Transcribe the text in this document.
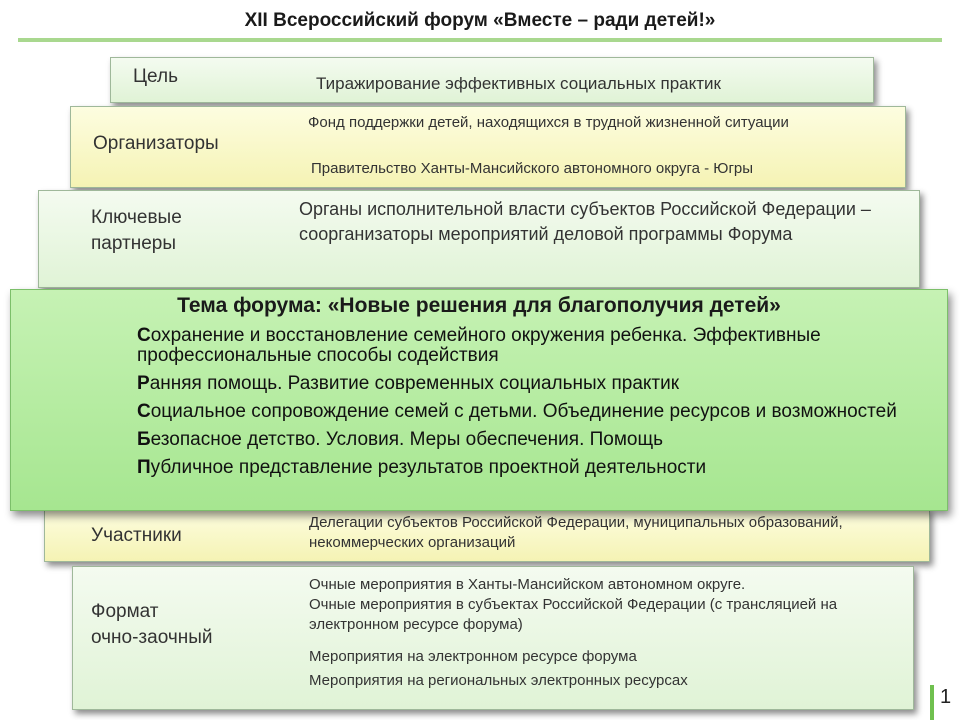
XII Всероссийский форум «Вместе – ради детей!»
Цель	Тиражирование эффективных социальных практик
Организаторы
Фонд поддержки детей, находящихся в трудной жизненной ситуации
Правительство Ханты-Мансийского автономного округа - Югры
Ключевые
партнеры
Органы исполнительной власти субъектов Российской Федерации – соорганизаторы мероприятий деловой программы Форума
Участники
Делегации субъектов Российской Федерации, муниципальных образований, некоммерческих организаций
Формат
очно-заочный
Очные мероприятия в Ханты-Мансийском автономном округе.
Очные мероприятия в субъектах Российской Федерации (с трансляцией на электронном ресурсе форума)
Мероприятия на электронном ресурсе форума
Мероприятия на региональных электронных ресурсах
Тема форума: «Новые решения для благополучия детей»
Сохранение и восстановление семейного окружения ребенка. Эффективные профессиональные способы содействия
Ранняя помощь. Развитие современных социальных практик
Социальное сопровождение семей с детьми. Объединение ресурсов и возможностей
Безопасное детство. Условия. Меры обеспечения. Помощь
Публичное представление результатов проектной деятельности
1
